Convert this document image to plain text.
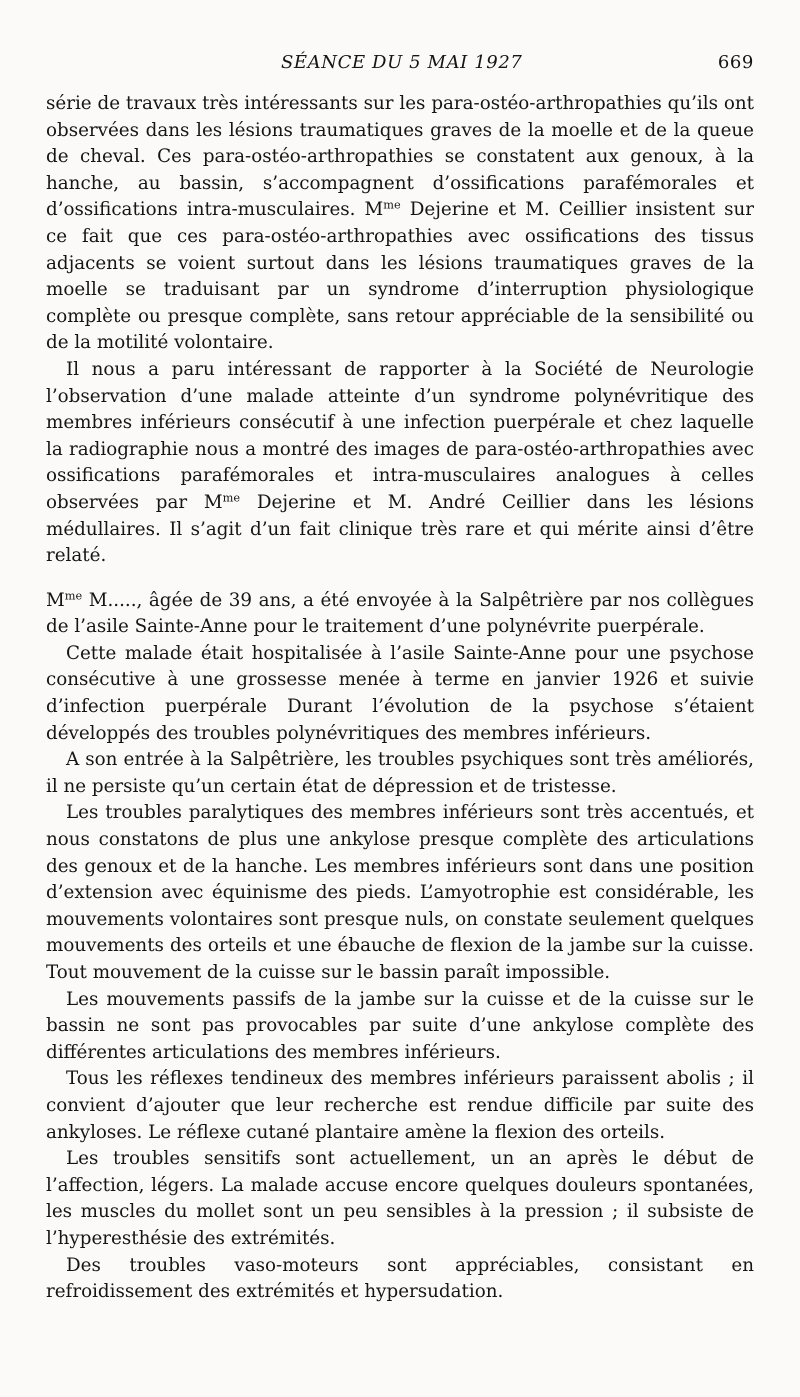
SÉANCE DU 5 MAI 1927	669

série de travaux très intéressants sur les para-ostéo-arthropathies qu’ils ont observées dans les lésions traumatiques graves de la moelle et de la queue de cheval. Ces para-ostéo-arthropathies se constatent aux genoux, à la hanche, au bassin, s’accompagnent d’ossifications parafémorales et d’ossifications intra-musculaires. $M^{me}$ Dejerine et M. Ceillier insistent sur ce fait que ces para-ostéo-arthropathies avec ossifications des tissus adjacents se voient surtout dans les lésions traumatiques graves de la moelle se traduisant par un syndrome d’interruption physiologique complète ou presque complète, sans retour appréciable de la sensibilité ou de la motilité volontaire.

Il nous a paru intéressant de rapporter à la Société de Neurologie l’observation d’une malade atteinte d’un syndrome polynévritique des membres inférieurs consécutif à une infection puerpérale et chez laquelle la radiographie nous a montré des images de para-ostéo-arthropathies avec ossifications parafémorales et intra-musculaires analogues à celles observées par $M^{me}$ Dejerine et M. André Ceillier dans les lésions médullaires. Il s’agit d’un fait clinique très rare et qui mérite ainsi d’être relaté.

$M^{me}$ M....., âgée de 39 ans, a été envoyée à la Salpêtrière par nos collègues de l’asile Sainte-Anne pour le traitement d’une polynévrite puerpérale.

Cette malade était hospitalisée à l’asile Sainte-Anne pour une psychose consécutive à une grossesse menée à terme en janvier 1926 et suivie d’infection puerpérale Durant l’évolution de la psychose s’étaient développés des troubles polynévritiques des membres inférieurs.

A son entrée à la Salpêtrière, les troubles psychiques sont très améliorés, il ne persiste qu’un certain état de dépression et de tristesse.

Les troubles paralytiques des membres inférieurs sont très accentués, et nous constatons de plus une ankylose presque complète des articulations des genoux et de la hanche. Les membres inférieurs sont dans une position d’extension avec équinisme des pieds. L’amyotrophie est considérable, les mouvements volontaires sont presque nuls, on constate seulement quelques mouvements des orteils et une ébauche de flexion de la jambe sur la cuisse. Tout mouvement de la cuisse sur le bassin paraît impossible.

Les mouvements passifs de la jambe sur la cuisse et de la cuisse sur le bassin ne sont pas provocables par suite d’une ankylose complète des différentes articulations des membres inférieurs.

Tous les réflexes tendineux des membres inférieurs paraissent abolis ; il convient d’ajouter que leur recherche est rendue difficile par suite des ankyloses. Le réflexe cutané plantaire amène la flexion des orteils.

Les troubles sensitifs sont actuellement, un an après le début de l’affection, légers. La malade accuse encore quelques douleurs spontanées, les muscles du mollet sont un peu sensibles à la pression ; il subsiste de l’hyperesthésie des extrémités.

Des troubles vaso-moteurs sont appréciables, consistant en refroidissement des extrémités et hypersudation.
